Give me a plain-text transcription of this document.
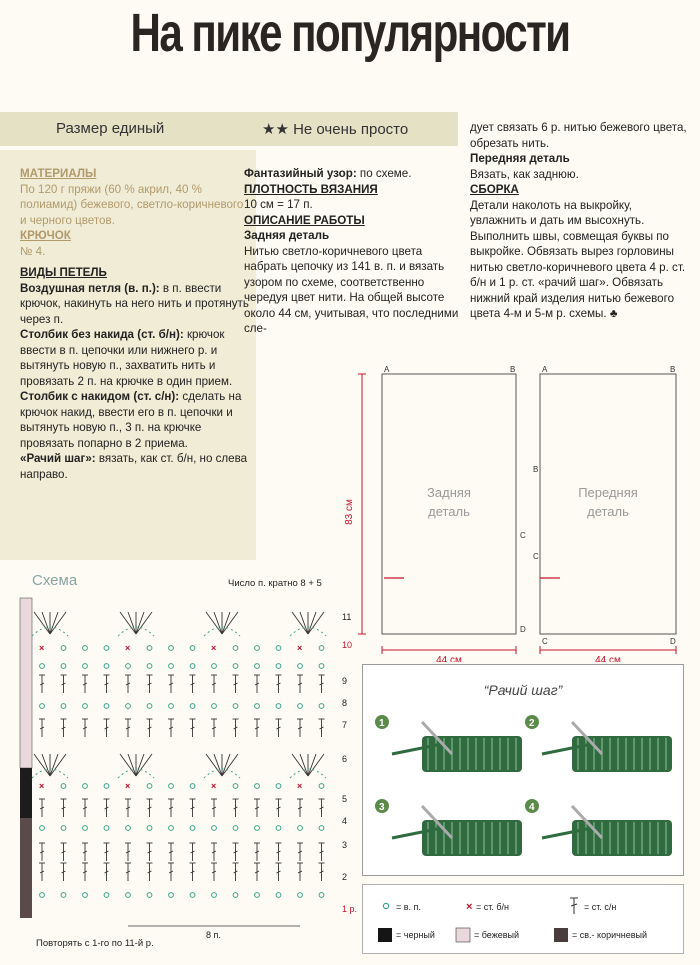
На пике популярности
Размер единый	★★ Не очень просто

МАТЕРИАЛЫ

По 120 г пряжи (60 % акрил, 40 % полиамид) бежевого, светло-коричневого и черного цветов.

КРЮЧОК

№ 4.

ВИДЫ ПЕТЕЛЬ

Воздушная петля (в. п.): в п. ввести крючок, накинуть на него нить и протянуть через п.

Столбик без накида (ст. б/н): крючок ввести в п. цепочки или нижнего р. и вытянуть новую п., захватить нить и провязать 2 п. на крючке в один прием.

Столбик с накидом (ст. с/н): сделать на крючок накид, ввести его в п. цепочки и вытянуть новую п., 3 п. на крючке провязать попарно в 2 приема.

«Рачий шаг»: вязать, как ст. б/н, но слева направо.

Фантазийный узор: по схеме.

ПЛОТНОСТЬ ВЯЗАНИЯ

10 см = 17 п.

ОПИСАНИЕ РАБОТЫ

Задняя деталь

Нитью светло-коричневого цвета набрать цепочку из 141 в. п. и вязать узором по схеме, соответственно чередуя цвет нити. На общей высоте около 44 см, учитывая, что последними сле-

дует связать 6 р. нитью бежевого цвета, обрезать нить.

Передняя деталь

Вязать, как заднюю.

СБОРКА

Детали наколоть на выкройку, увлажнить и дать им высохнуть. Выполнить швы, совмещая буквы по выкройке. Обвязать вырез горловины нитью светло-коричневого цвета 4 р. ст. б/н и 1 р. ст. «рачий шаг». Обвязать нижний край изделия нитью бежевого цвета 4-м и 5-м р. схемы. ♣

83 см
44 см	44 см
Задняя
деталь
Передняя
деталь
A	B	A	B
B
C
C
D
C	D
Схема	Число п. кратно 8 + 5
×	×	×	×
×	×	×	×
11
10
9
8
7
6
5
4
3
2
1 р.
8 п.
Повторять с 1-го по 11-й р.
“Рачий шаг”
1	2
3	4
×
= в. п.	= ст. б/н	= ст. с/н
= черный	= бежевый	= св.- коричневый
